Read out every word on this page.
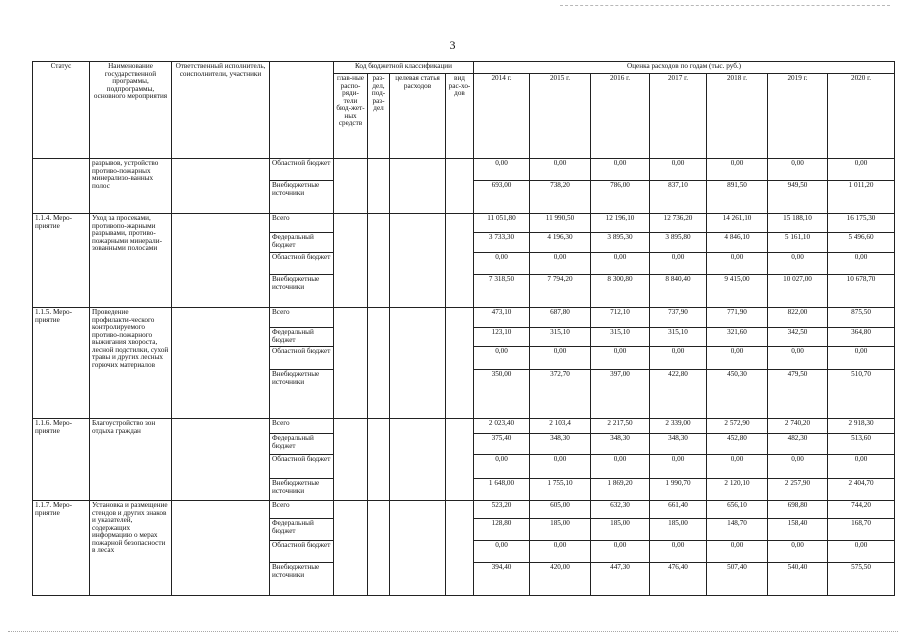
3
Статус	Наименование государственной программы, подпрограммы, основного мероприятия	Ответственный исполнитель, соисполнители, участники		Код бюджетной классификации				Оценка расходов по годам (тыс. руб.)						
				глав-ные распо-ряди-тели бюд-жет-ных средств	раз-дел, под-раз-дел	целевая статья расходов	вид рас-хо-дов	2014 г.	2015 г.	2016 г.	2017 г.	2018 г.	2019 г.	2020 г.
	разрывов, устройство противо-пожарных минерализо-ванных полос		Областной бюджет					0,00	0,00	0,00	0,00	0,00	0,00	0,00
			Внебюджетные источники					693,00	738,20	786,00	837,10	891,50	949,50	1 011,20
1.1.4. Меро-приятие	Уход за просеками, противопо-жарными разрывами, противо-пожарными минерали-зованными полосами		Всего					11 051,80	11 990,50	12 196,10	12 736,20	14 261,10	15 188,10	16 175,30
			Федеральный бюджет					3 733,30	4 196,30	3 895,30	3 895,80	4 846,10	5 161,10	5 496,60
			Областной бюджет					0,00	0,00	0,00	0,00	0,00	0,00	0,00
			Внебюджетные источники					7 318,50	7 794,20	8 300,80	8 840,40	9 415,00	10 027,00	10 678,70
1.1.5. Меро-приятие	Проведение профилакти-ческого контролируемого противо-пожарного выжигания хвороста, лесной подстилки, сухой травы и других лесных горючих материалов		Всего					473,10	687,80	712,10	737,90	771,90	822,00	875,50
			Федеральный бюджет					123,10	315,10	315,10	315,10	321,60	342,50	364,80
			Областной бюджет					0,00	0,00	0,00	0,00	0,00	0,00	0,00
			Внебюджетные источники					350,00	372,70	397,00	422,80	450,30	479,50	510,70
1.1.6. Меро-приятие	Благоустройство зон отдыха граждан		Всего					2 023,40	2 103,4	2 217,50	2 339,00	2 572,90	2 740,20	2 918,30
			Федеральный бюджет					375,40	348,30	348,30	348,30	452,80	482,30	513,60
			Областной бюджет					0,00	0,00	0,00	0,00	0,00	0,00	0,00
			Внебюджетные источники					1 648,00	1 755,10	1 869,20	1 990,70	2 120,10	2 257,90	2 404,70
1.1.7. Меро-приятие	Установка и размещение стендов и других знаков и указателей, содержащих информацию о мерах пожарной безопасности в лесах		Всего					523,20	605,00	632,30	661,40	656,10	698,80	744,20
			Федеральный бюджет					128,80	185,00	185,00	185,00	148,70	158,40	168,70
			Областной бюджет					0,00	0,00	0,00	0,00	0,00	0,00	0,00
			Внебюджетные источники					394,40	420,00	447,30	476,40	507,40	540,40	575,50
